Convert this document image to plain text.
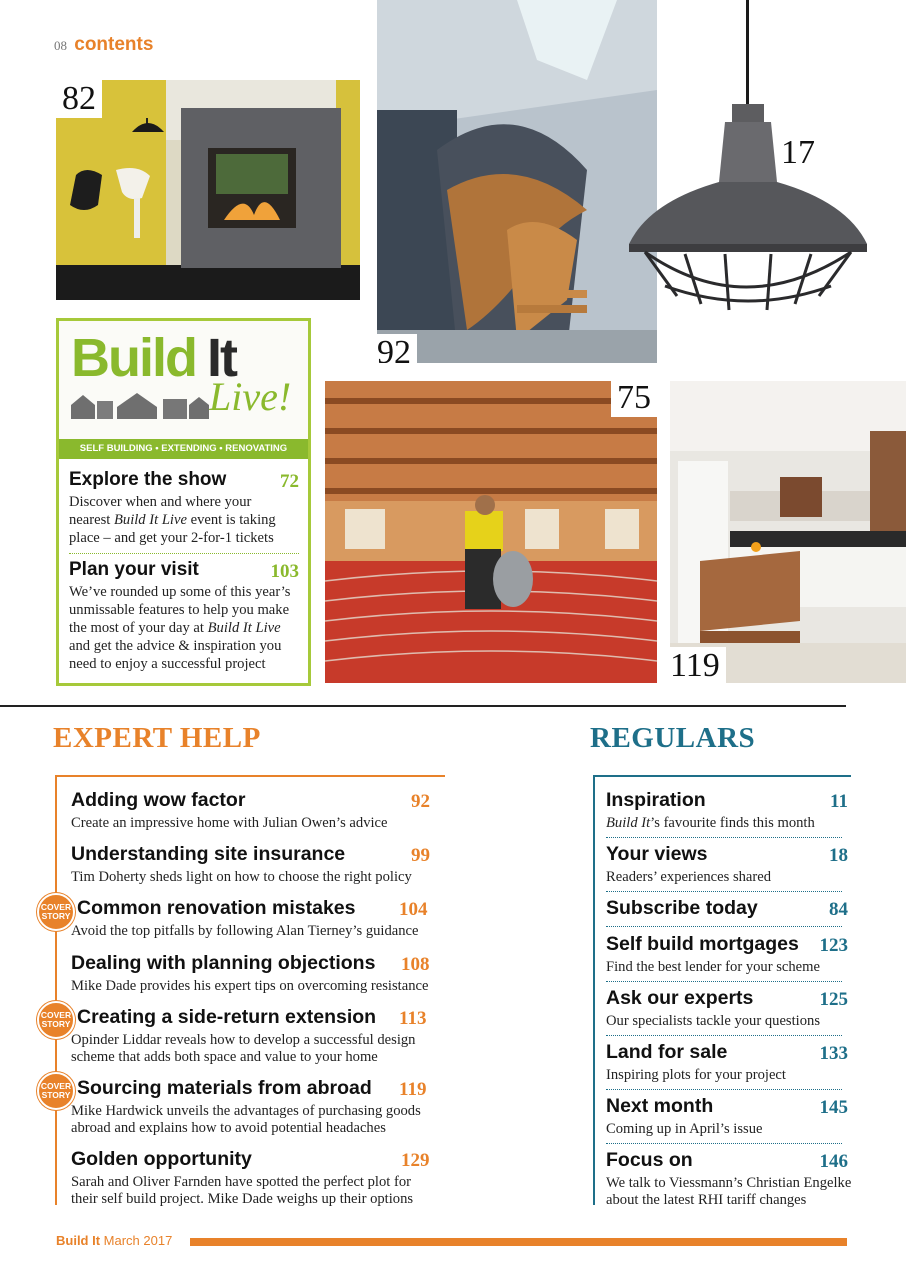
08 contents
82
92
17
Build It
Live!
SELF BUILDING • EXTENDING • RENOVATING
Explore the show	72
Discover when and where your
nearest Build It Live event is taking
place – and get your 2-for-1 tickets
Plan your visit	103
We’ve rounded up some of this year’s
unmissable features to help you make
the most of your day at Build It Live
and get the advice & inspiration you
need to enjoy a successful project
75
119
EXPERT HELP	REGULARS
Adding wow factor	92
Create an impressive home with Julian Owen’s advice
Understanding site insurance	99
Tim Doherty sheds light on how to choose the right policy
COVER
STORY Common renovation mistakes	104
Avoid the top pitfalls by following Alan Tierney’s guidance
Dealing with planning objections	108
Mike Dade provides his expert tips on overcoming resistance
COVER
STORY Creating a side-return extension	113
Opinder Liddar reveals how to develop a successful design
scheme that adds both space and value to your home
COVER
STORY Sourcing materials from abroad	119
Mike Hardwick unveils the advantages of purchasing goods
abroad and explains how to avoid potential headaches
Golden opportunity	129
Sarah and Oliver Farnden have spotted the perfect plot for
their self build project. Mike Dade weighs up their options
Inspiration	11
Build It’s favourite finds this month
Your views	18
Readers’ experiences shared
Subscribe today	84
Self build mortgages	123
Find the best lender for your scheme
Ask our experts	125
Our specialists tackle your questions
Land for sale	133
Inspiring plots for your project
Next month	145
Coming up in April’s issue
Focus on	146
We talk to Viessmann’s Christian Engelke
about the latest RHI tariff changes
Build It March 2017
